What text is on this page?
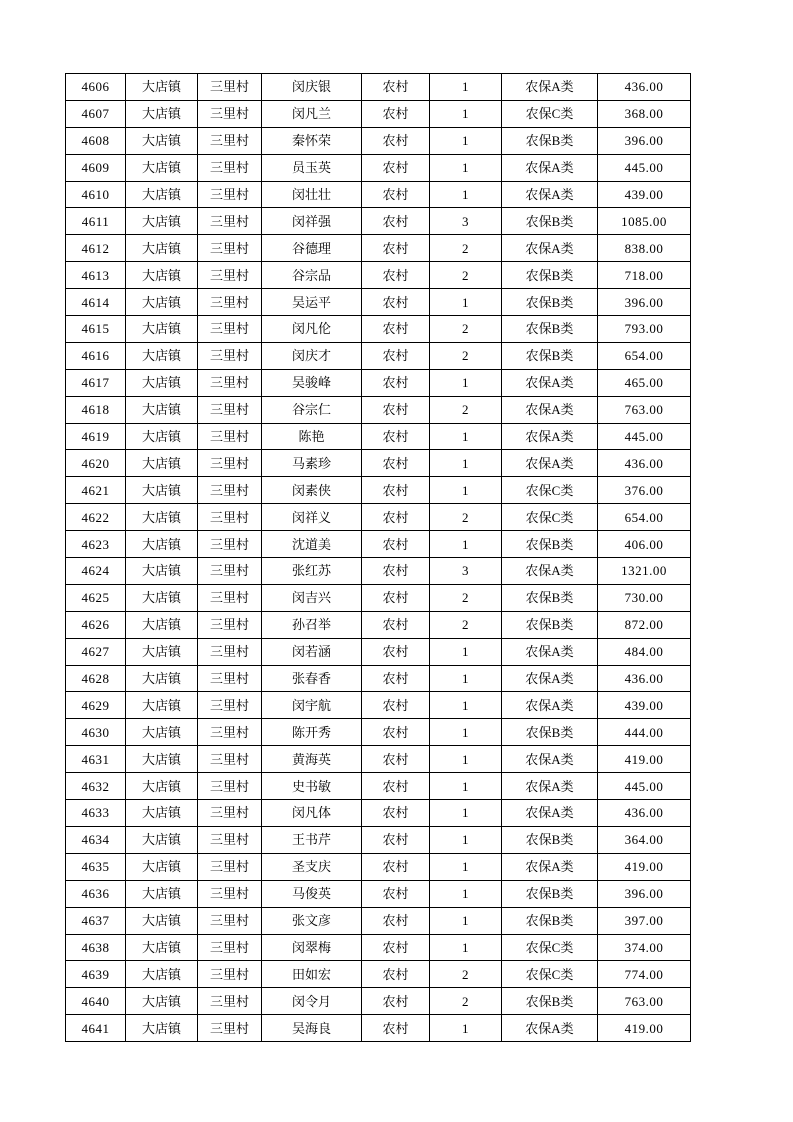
4606	大店镇	三里村	闵庆银	农村	1	农保A类	436.00
4607	大店镇	三里村	闵凡兰	农村	1	农保C类	368.00
4608	大店镇	三里村	秦怀荣	农村	1	农保B类	396.00
4609	大店镇	三里村	员玉英	农村	1	农保A类	445.00
4610	大店镇	三里村	闵壮壮	农村	1	农保A类	439.00
4611	大店镇	三里村	闵祥强	农村	3	农保B类	1085.00
4612	大店镇	三里村	谷德理	农村	2	农保A类	838.00
4613	大店镇	三里村	谷宗品	农村	2	农保B类	718.00
4614	大店镇	三里村	吴运平	农村	1	农保B类	396.00
4615	大店镇	三里村	闵凡伦	农村	2	农保B类	793.00
4616	大店镇	三里村	闵庆才	农村	2	农保B类	654.00
4617	大店镇	三里村	吴骏峰	农村	1	农保A类	465.00
4618	大店镇	三里村	谷宗仁	农村	2	农保A类	763.00
4619	大店镇	三里村	陈艳	农村	1	农保A类	445.00
4620	大店镇	三里村	马素珍	农村	1	农保A类	436.00
4621	大店镇	三里村	闵素侠	农村	1	农保C类	376.00
4622	大店镇	三里村	闵祥义	农村	2	农保C类	654.00
4623	大店镇	三里村	沈道美	农村	1	农保B类	406.00
4624	大店镇	三里村	张红苏	农村	3	农保A类	1321.00
4625	大店镇	三里村	闵吉兴	农村	2	农保B类	730.00
4626	大店镇	三里村	孙召举	农村	2	农保B类	872.00
4627	大店镇	三里村	闵若涵	农村	1	农保A类	484.00
4628	大店镇	三里村	张春香	农村	1	农保A类	436.00
4629	大店镇	三里村	闵宇航	农村	1	农保A类	439.00
4630	大店镇	三里村	陈开秀	农村	1	农保B类	444.00
4631	大店镇	三里村	黄海英	农村	1	农保A类	419.00
4632	大店镇	三里村	史书敏	农村	1	农保A类	445.00
4633	大店镇	三里村	闵凡体	农村	1	农保A类	436.00
4634	大店镇	三里村	王书芹	农村	1	农保B类	364.00
4635	大店镇	三里村	圣支庆	农村	1	农保A类	419.00
4636	大店镇	三里村	马俊英	农村	1	农保B类	396.00
4637	大店镇	三里村	张文彦	农村	1	农保B类	397.00
4638	大店镇	三里村	闵翠梅	农村	1	农保C类	374.00
4639	大店镇	三里村	田如宏	农村	2	农保C类	774.00
4640	大店镇	三里村	闵令月	农村	2	农保B类	763.00
4641	大店镇	三里村	吴海良	农村	1	农保A类	419.00
